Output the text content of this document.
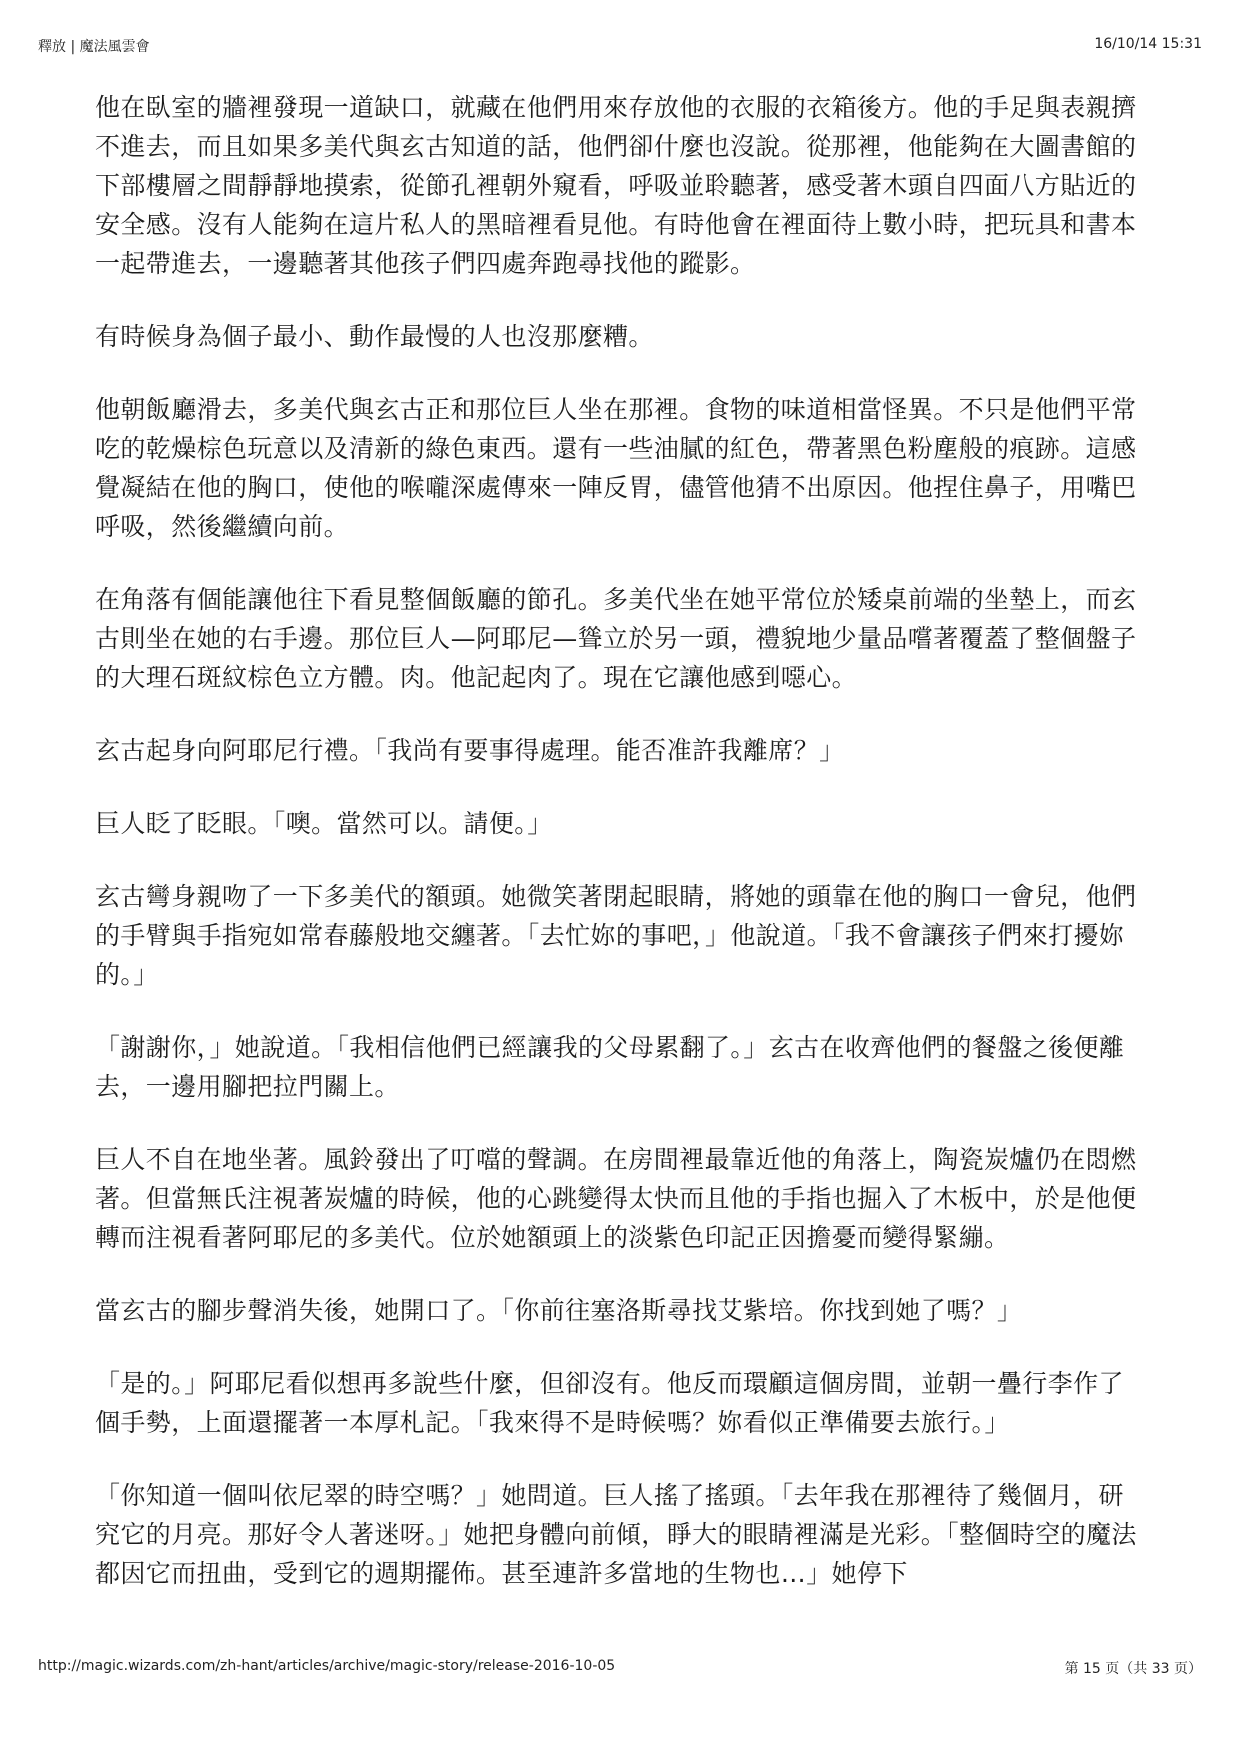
釋放 | 魔法風雲會	16/10/14 15:31

他在臥室的牆裡發現一道缺口，就藏在他們用來存放他的衣服的衣箱後方。他的手足與表親擠不進去，而且如果多美代與玄古知道的話，他們卻什麼也沒說。從那裡，他能夠在大圖書館的下部樓層之間靜靜地摸索，從節孔裡朝外窺看，呼吸並聆聽著，感受著木頭自四面八方貼近的安全感。沒有人能夠在這片私人的黑暗裡看見他。有時他會在裡面待上數小時，把玩具和書本一起帶進去，一邊聽著其他孩子們四處奔跑尋找他的蹤影。

有時候身為個子最小、動作最慢的人也沒那麼糟。

他朝飯廳滑去，多美代與玄古正和那位巨人坐在那裡。食物的味道相當怪異。不只是他們平常吃的乾燥棕色玩意以及清新的綠色東西。還有一些油膩的紅色，帶著黑色粉塵般的痕跡。這感覺凝結在他的胸口，使他的喉嚨深處傳來一陣反胃，儘管他猜不出原因。他捏住鼻子，用嘴巴呼吸，然後繼續向前。

在角落有個能讓他往下看見整個飯廳的節孔。多美代坐在她平常位於矮桌前端的坐墊上，而玄古則坐在她的右手邊。那位巨人—阿耶尼—聳立於另一頭，禮貌地少量品嚐著覆蓋了整個盤子的大理石斑紋棕色立方體。肉。他記起肉了。現在它讓他感到噁心。

玄古起身向阿耶尼行禮。「我尚有要事得處理。能否准許我離席？」

巨人眨了眨眼。「噢。當然可以。請便。」

玄古彎身親吻了一下多美代的額頭。她微笑著閉起眼睛，將她的頭靠在他的胸口一會兒，他們的手臂與手指宛如常春藤般地交纏著。「去忙妳的事吧，」他說道。「我不會讓孩子們來打擾妳的。」

「謝謝你，」她說道。「我相信他們已經讓我的父母累翻了。」玄古在收齊他們的餐盤之後便離去，一邊用腳把拉門關上。

巨人不自在地坐著。風鈴發出了叮噹的聲調。在房間裡最靠近他的角落上，陶瓷炭爐仍在悶燃著。但當無氏注視著炭爐的時候，他的心跳變得太快而且他的手指也掘入了木板中，於是他便轉而注視看著阿耶尼的多美代。位於她額頭上的淡紫色印記正因擔憂而變得緊繃。

當玄古的腳步聲消失後，她開口了。「你前往塞洛斯尋找艾紫培。你找到她了嗎？」

「是的。」阿耶尼看似想再多說些什麼，但卻沒有。他反而環顧這個房間，並朝一疊行李作了個手勢，上面還擺著一本厚札記。「我來得不是時候嗎？妳看似正準備要去旅行。」

「你知道一個叫依尼翠的時空嗎？」她問道。巨人搖了搖頭。「去年我在那裡待了幾個月，研究它的月亮。那好令人著迷呀。」她把身體向前傾，睜大的眼睛裡滿是光彩。「整個時空的魔法都因它而扭曲，受到它的週期擺佈。甚至連許多當地的生物也…」她停下

http://magic.wizards.com/zh-hant/articles/archive/magic-story/release-2016-10-05	第 15 页（共 33 页）
